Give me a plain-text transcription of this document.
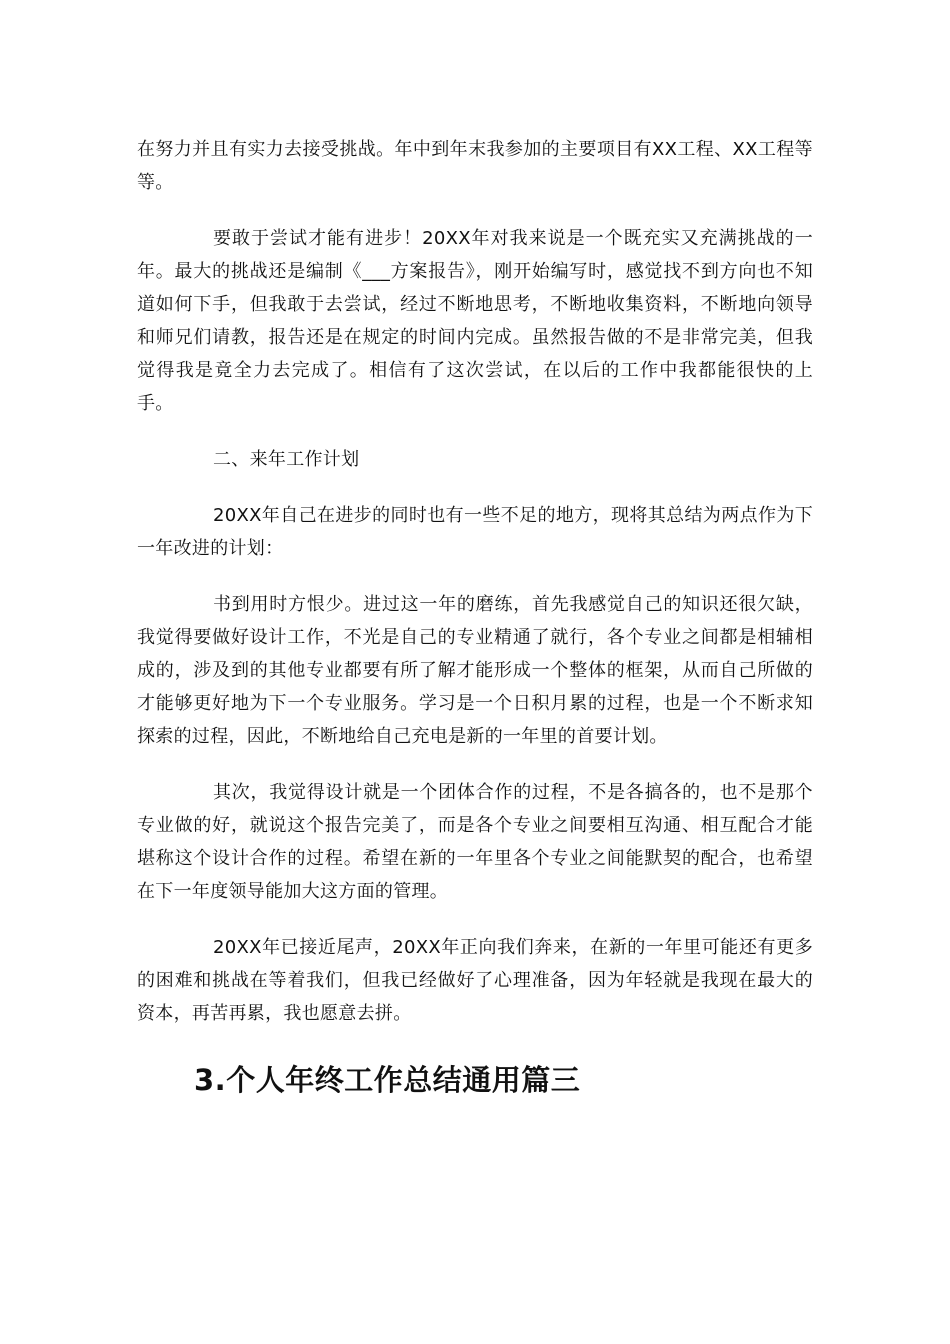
在努力并且有实力去接受挑战。年中到年末我参加的主要项目有XX工程、XX工程等等。

要敢于尝试才能有进步！20XX年对我来说是一个既充实又充满挑战的一年。最大的挑战还是编制《___方案报告》，刚开始编写时，感觉找不到方向也不知道如何下手，但我敢于去尝试，经过不断地思考，不断地收集资料，不断地向领导和师兄们请教，报告还是在规定的时间内完成。虽然报告做的不是非常完美，但我觉得我是竟全力去完成了。相信有了这次尝试，在以后的工作中我都能很快的上手。

二、来年工作计划

20XX年自己在进步的同时也有一些不足的地方，现将其总结为两点作为下一年改进的计划：

书到用时方恨少。进过这一年的磨练，首先我感觉自己的知识还很欠缺，我觉得要做好设计工作，不光是自己的专业精通了就行，各个专业之间都是相辅相成的，涉及到的其他专业都要有所了解才能形成一个整体的框架，从而自己所做的才能够更好地为下一个专业服务。学习是一个日积月累的过程，也是一个不断求知探索的过程，因此，不断地给自己充电是新的一年里的首要计划。

其次，我觉得设计就是一个团体合作的过程，不是各搞各的，也不是那个专业做的好，就说这个报告完美了，而是各个专业之间要相互沟通、相互配合才能堪称这个设计合作的过程。希望在新的一年里各个专业之间能默契的配合，也希望在下一年度领导能加大这方面的管理。

20XX年已接近尾声，20XX年正向我们奔来，在新的一年里可能还有更多的困难和挑战在等着我们，但我已经做好了心理准备，因为年轻就是我现在最大的资本，再苦再累，我也愿意去拼。

3.个人年终工作总结通用篇三
